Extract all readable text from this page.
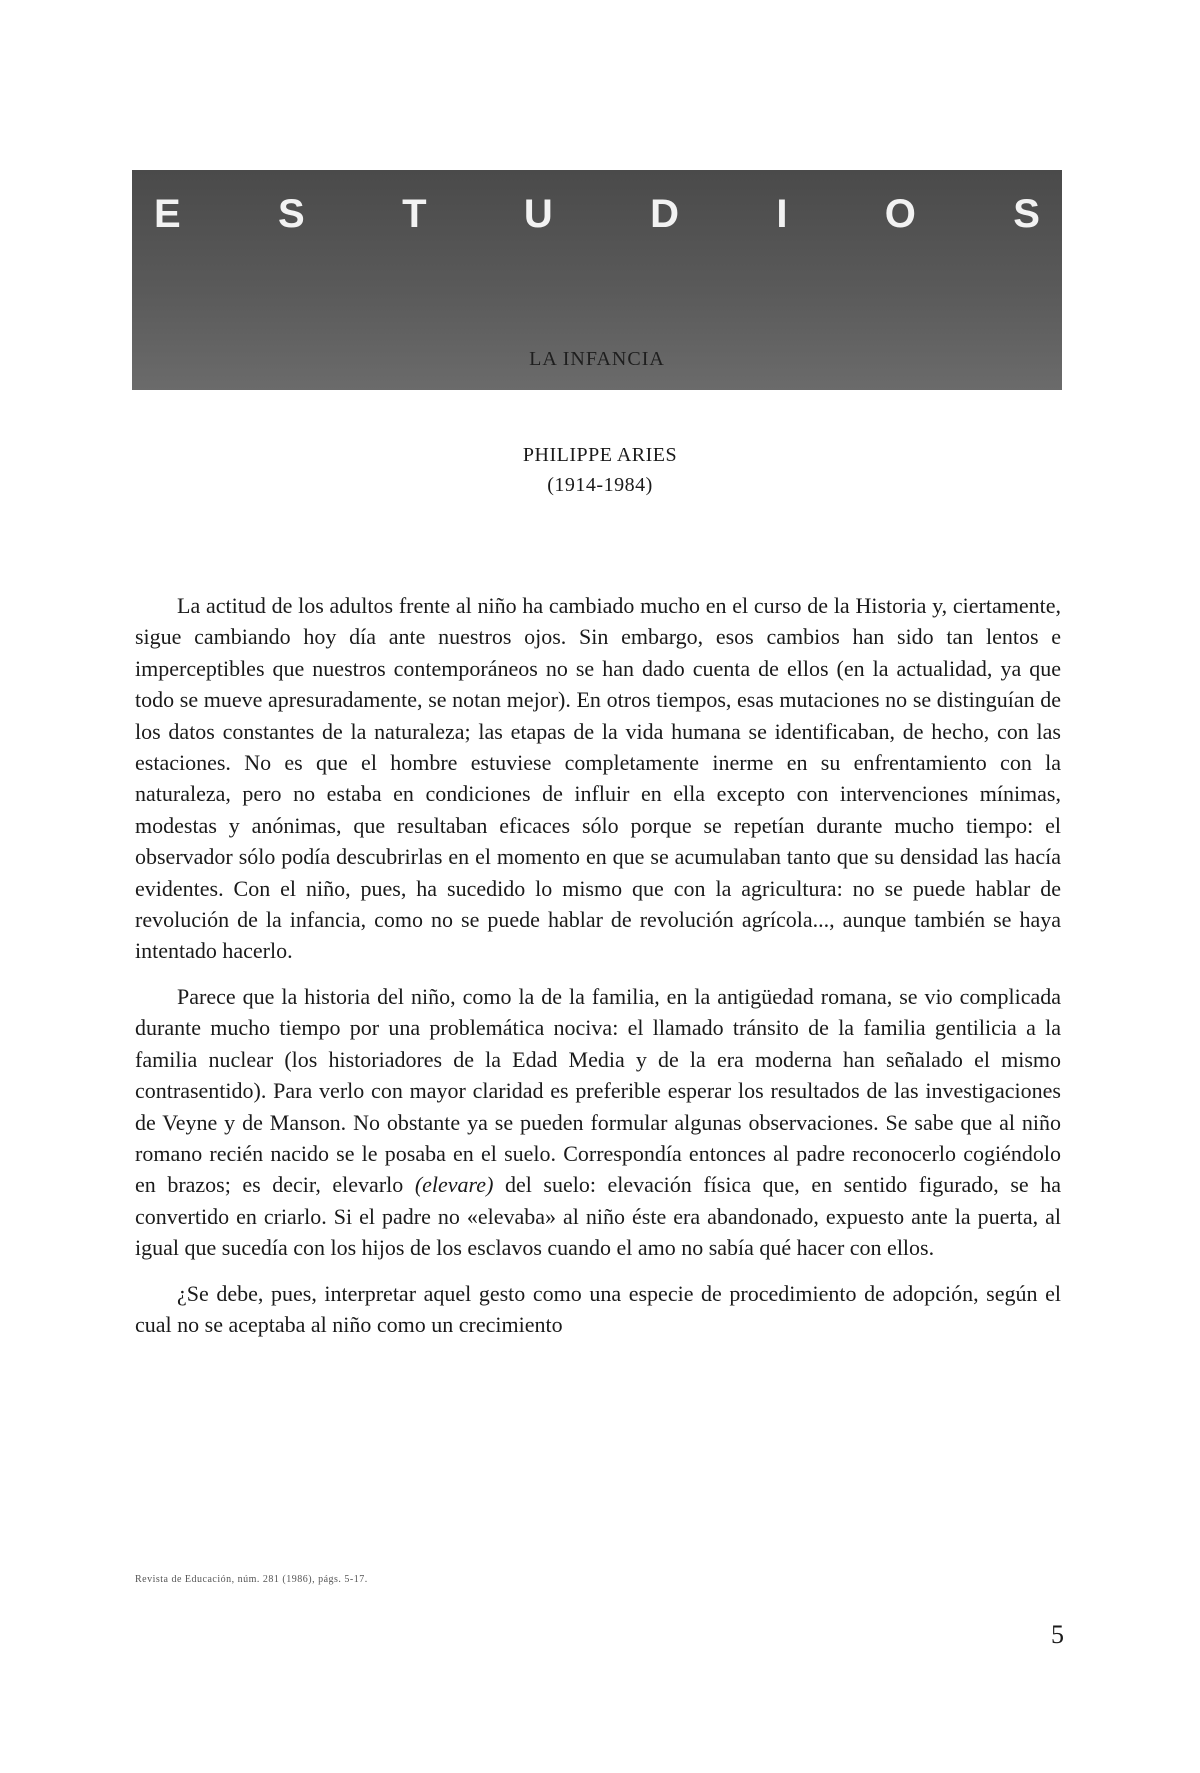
E S T U D I O S
LA INFANCIA
PHILIPPE ARIES
(1914-1984)

La actitud de los adultos frente al niño ha cambiado mucho en el curso de la Historia y, ciertamente, sigue cambiando hoy día ante nuestros ojos. Sin embargo, esos cambios han sido tan lentos e imperceptibles que nuestros contemporáneos no se han dado cuenta de ellos (en la actualidad, ya que todo se mueve apresuradamente, se notan mejor). En otros tiempos, esas mutaciones no se distinguían de los datos constantes de la naturaleza; las etapas de la vida humana se identificaban, de hecho, con las estaciones. No es que el hombre estuviese completamente inerme en su enfrentamiento con la naturaleza, pero no estaba en condiciones de influir en ella excepto con intervenciones mínimas, modestas y anónimas, que resultaban eficaces sólo porque se repetían durante mucho tiempo: el observador sólo podía descubrirlas en el momento en que se acumulaban tanto que su densidad las hacía evidentes. Con el niño, pues, ha sucedido lo mismo que con la agricultura: no se puede hablar de revolución de la infancia, como no se puede hablar de revolución agrícola..., aunque también se haya intentado hacerlo.

Parece que la historia del niño, como la de la familia, en la antigüedad romana, se vio complicada durante mucho tiempo por una problemática nociva: el llamado tránsito de la familia gentilicia a la familia nuclear (los historiadores de la Edad Media y de la era moderna han señalado el mismo contrasentido). Para verlo con mayor claridad es preferible esperar los resultados de las investigaciones de Veyne y de Manson. No obstante ya se pueden formular algunas observaciones. Se sabe que al niño romano recién nacido se le posaba en el suelo. Correspondía entonces al padre reconocerlo cogiéndolo en brazos; es decir, elevarlo (elevare) del suelo: elevación física que, en sentido figurado, se ha convertido en criarlo. Si el padre no «elevaba» al niño éste era abandonado, expuesto ante la puerta, al igual que sucedía con los hijos de los esclavos cuando el amo no sabía qué hacer con ellos.

¿Se debe, pues, interpretar aquel gesto como una especie de procedimiento de adopción, según el cual no se aceptaba al niño como un crecimiento

Revista de Educación, núm. 281 (1986), págs. 5-17.
5
